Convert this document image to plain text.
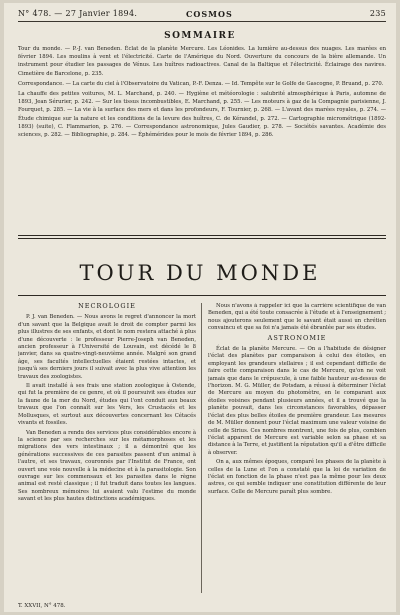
N° 478. — 27 Janvier 1894.	COSMOS	235
SOMMAIRE

Tour du monde. — P.-J. van Beneden. Éclat de la planète Mercure. Les Léonides. La lumière au-dessus des nuages. Les marées en février 1894. Les moulins à vent et l'électricité. Carte de l'Amérique du Nord. Ouverture du concours de la bière allemande. Un instrument pour étudier les passages de Vénus. Les huîtres radioactives. Canal de la Baltique et l'électricité. Éclairage des navires. Cimetière de Barcelone, p. 235.

Correspondance. — La carte du ciel à l'Observatoire du Vatican, P.-F. Denza. — Id. Tempête sur le Golfe de Gascogne, P. Bruand, p. 270.

La chauffe des petites voitures, M. L. Marchand, p. 240. — Hygiène et météorologie : salubrité atmosphérique à Paris, automne de 1893, Jean Sérurier, p. 242. — Sur les tissus incombustibles, E. Marchand, p. 255. — Les moteurs à gaz de la Compagnie parisienne, J. Fourquet, p. 285. — La vie à la surface des mers et dans les profondeurs, F. Tournier, p. 268. — L'avant des marées royales, p. 274. — Étude chimique sur la nature et les conditions de la levure des huîtres, C. de Kérandel, p. 272. — Cartographie micrométrique (1892-1893) (suite), C. Flammarion, p. 276. — Correspondance astronomique, Jules Gaudier, p. 278. — Sociétés savantes. Académie des sciences, p. 282. — Bibliographie, p. 284. — Éphémérides pour le mois de février 1894, p. 286.

TOUR DU MONDE
NÉCROLOGIE

P. J. van Beneden. — Nous avons le regret d'annoncer la mort d'un savant que la Belgique avait le droit de compter parmi les plus illustres de ses enfants, et dont le nom restera attaché à plus d'une découverte : le professeur Pierre-Joseph van Beneden, ancien professeur à l'Université de Louvain, est décédé le 8 janvier, dans sa quatre-vingt-neuvième année. Malgré son grand âge, ses facultés intellectuelles étaient restées intactes, et jusqu'à ses derniers jours il suivait avec la plus vive attention les travaux des zoologistes.

Il avait installé à ses frais une station zoologique à Ostende, qui fut la première de ce genre, et où il poursuivit ses études sur la faune de la mer du Nord, études qui l'ont conduit aux beaux travaux que l'on connaît sur les Vers, les Crustacés et les Mollusques, et surtout aux découvertes concernant les Cétacés vivants et fossiles.

Van Beneden a rendu des services plus considérables encore à la science par ses recherches sur les métamorphoses et les migrations des vers intestinaux ; il a démontré que les générations successives de ces parasites passent d'un animal à l'autre, et ses travaux, couronnés par l'Institut de France, ont ouvert une voie nouvelle à la médecine et à la parasitologie. Son ouvrage sur les commensaux et les parasites dans le règne animal est resté classique ; il fut traduit dans toutes les langues. Ses nombreux mémoires lui avaient valu l'estime du monde savant et les plus hautes distinctions académiques.

Nous n'avons à rappeler ici que la carrière scientifique de van Beneden, qui a été toute consacrée à l'étude et à l'enseignement ; nous ajouterons seulement que le savant était aussi un chrétien convaincu et que sa foi n'a jamais été ébranlée par ses études.

ASTRONOMIE

Éclat de la planète Mercure. — On a l'habitude de désigner l'éclat des planètes par comparaison à celui des étoiles, en employant les grandeurs stellaires ; il est cependant difficile de faire cette comparaison dans le cas de Mercure, qu'on ne voit jamais que dans le crépuscule, à une faible hauteur au-dessus de l'horizon. M. G. Müller, de Potsdam, a réussi à déterminer l'éclat de Mercure au moyen du photomètre, en le comparant aux étoiles voisines pendant plusieurs années, et il a trouvé que la planète pouvait, dans les circonstances favorables, dépasser l'éclat des plus belles étoiles de première grandeur. Les mesures de M. Müller donnent pour l'éclat maximum une valeur voisine de celle de Sirius. Ces nombres montrent, une fois de plus, combien l'éclat apparent de Mercure est variable selon sa phase et sa distance à la Terre, et justifient la réputation qu'il a d'être difficile à observer.

On a, aux mêmes époques, comparé les phases de la planète à celles de la Lune et l'on a constaté que la loi de variation de l'éclat en fonction de la phase n'est pas la même pour les deux astres, ce qui semble indiquer une constitution différente de leur surface. Celle de Mercure paraît plus sombre.

T. XXVII, N° 478.
